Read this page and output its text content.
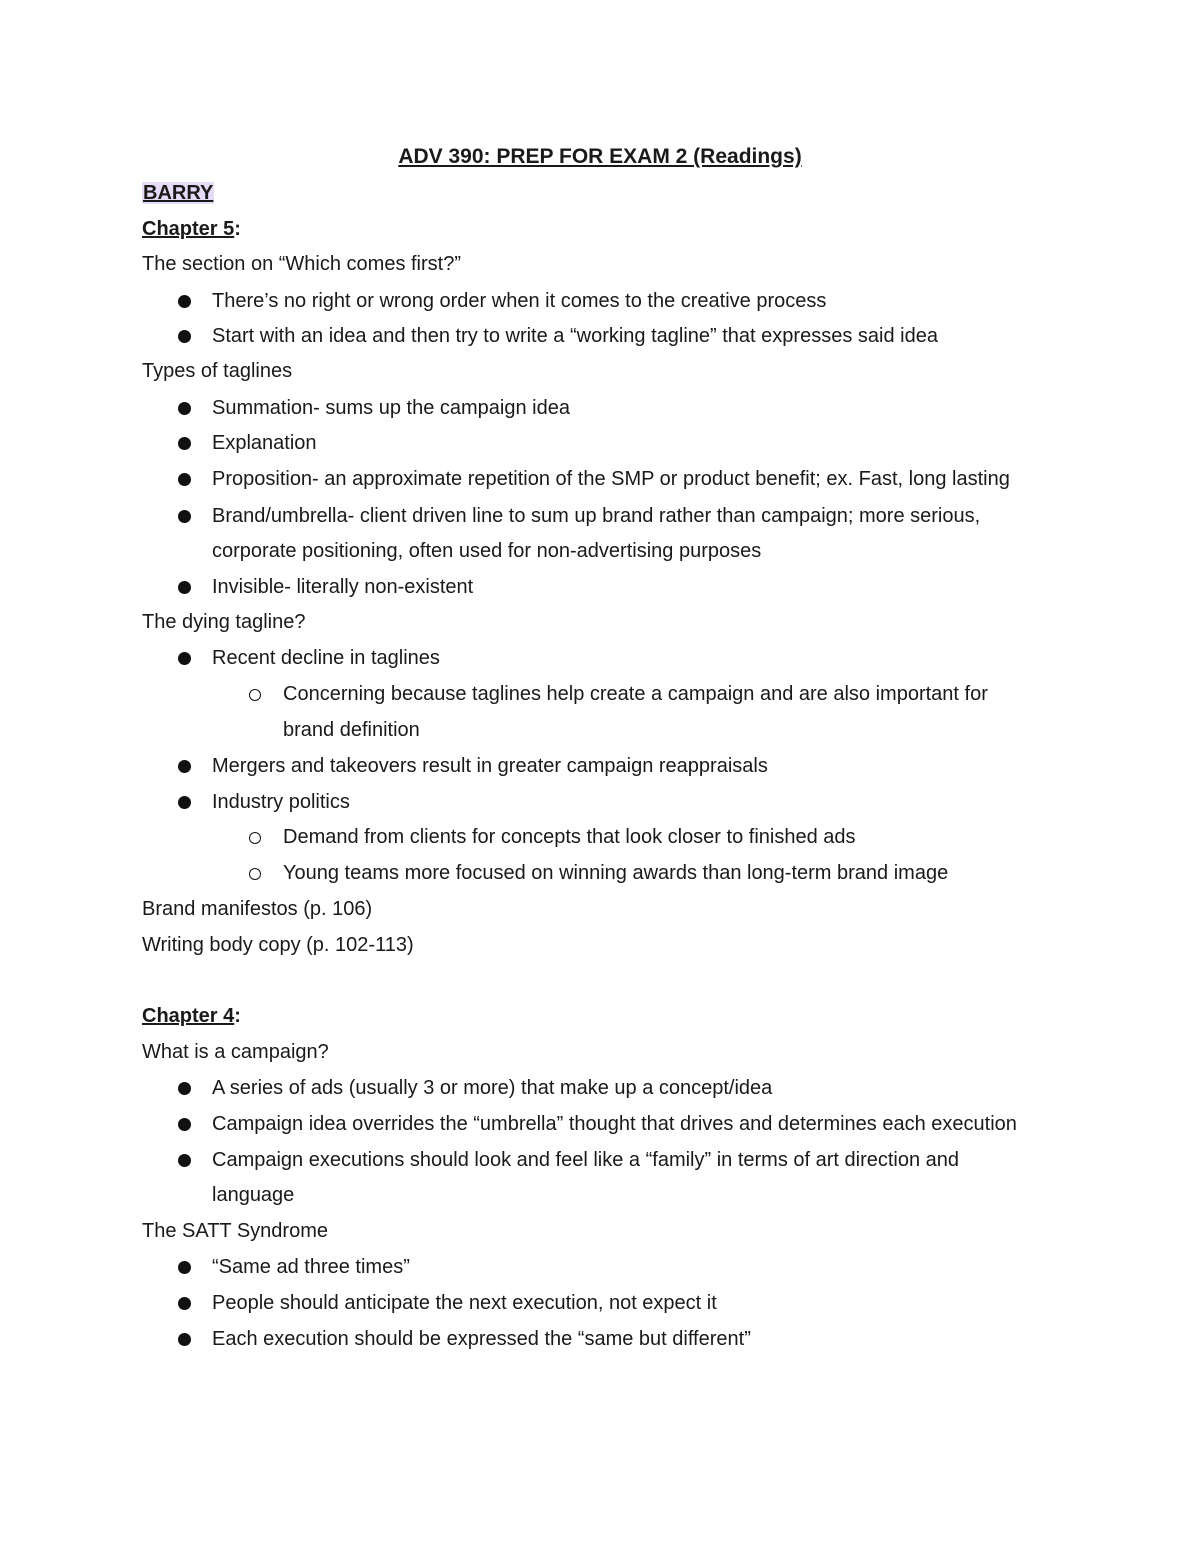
ADV 390: PREP FOR EXAM 2 (Readings)
BARRY
Chapter 5:
The section on “Which comes first?”
There’s no right or wrong order when it comes to the creative process
Start with an idea and then try to write a “working tagline” that expresses said idea
Types of taglines
Summation- sums up the campaign idea
Explanation
Proposition- an approximate repetition of the SMP or product benefit; ex. Fast, long lasting
Brand/umbrella- client driven line to sum up brand rather than campaign; more serious,
corporate positioning, often used for non-advertising purposes
Invisible- literally non-existent
The dying tagline?
Recent decline in taglines
Concerning because taglines help create a campaign and are also important for
brand definition
Mergers and takeovers result in greater campaign reappraisals
Industry politics
Demand from clients for concepts that look closer to finished ads
Young teams more focused on winning awards than long-term brand image
Brand manifestos (p. 106)
Writing body copy (p. 102-113)
Chapter 4:
What is a campaign?
A series of ads (usually 3 or more) that make up a concept/idea
Campaign idea overrides the “umbrella” thought that drives and determines each execution
Campaign executions should look and feel like a “family” in terms of art direction and
language
The SATT Syndrome
“Same ad three times”
People should anticipate the next execution, not expect it
Each execution should be expressed the “same but different”
